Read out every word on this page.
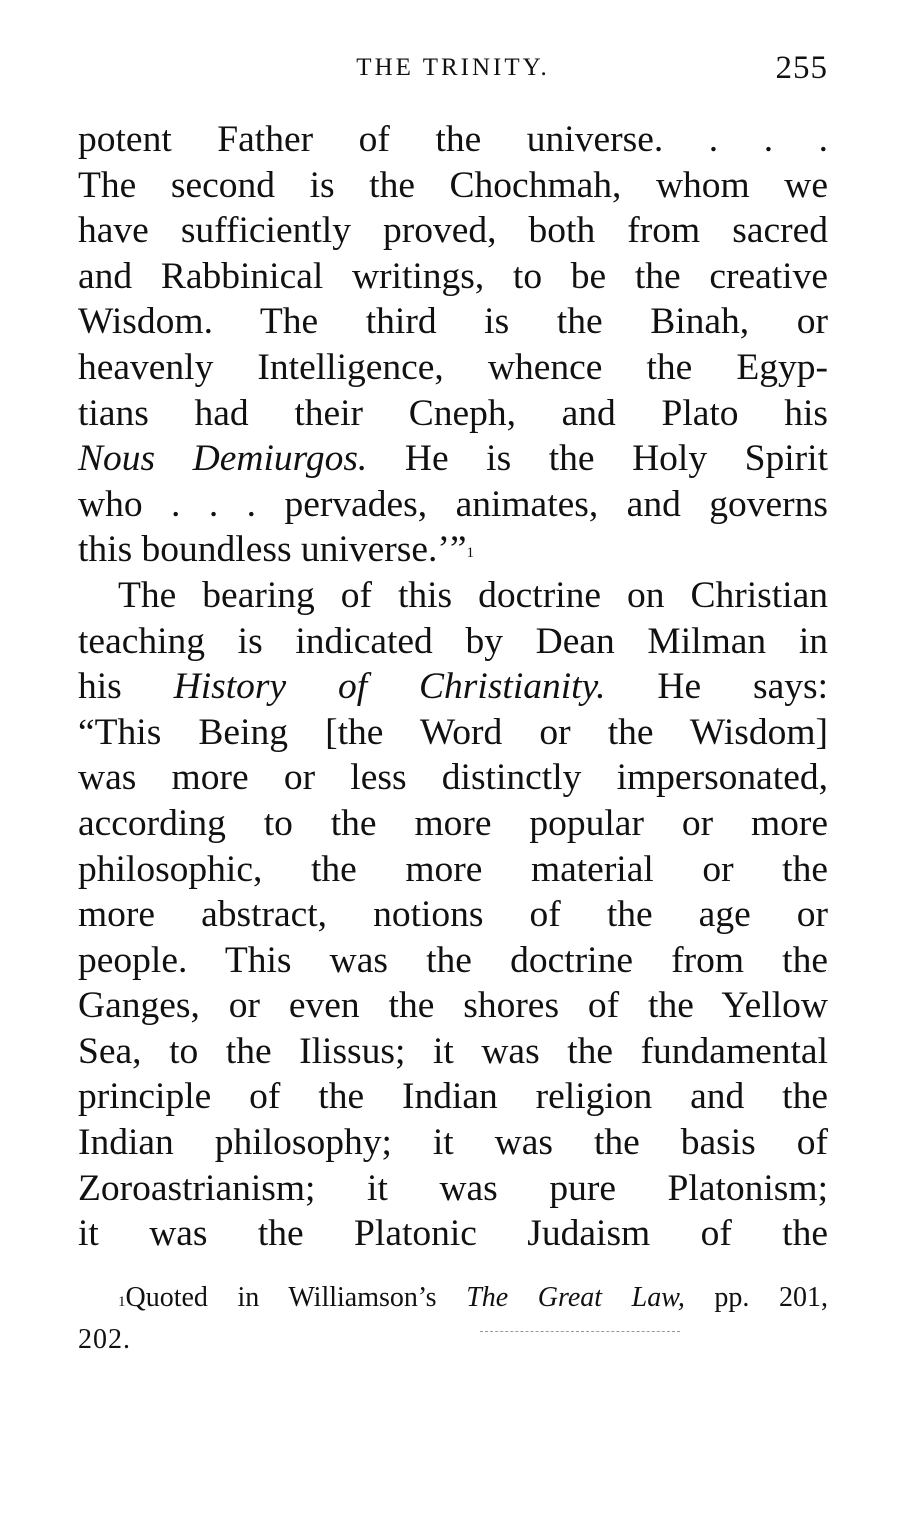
THE TRINITY.	255
potent Father of the universe. . . .
The second is the Chochmah, whom we
have sufficiently proved, both from sacred
and Rabbinical writings, to be the creative
Wisdom. The third is the Binah, or
heavenly Intelligence, whence the Egyp-
tians had their Cneph, and Plato his
Nous Demiurgos. He is the Holy Spirit
who . . . pervades, animates, and governs
this boundless universe.’”$^1$
The bearing of this doctrine on Christian
teaching is indicated by Dean Milman in
his History of Christianity. He says:
“This Being [the Word or the Wisdom]
was more or less distinctly impersonated,
according to the more popular or more
philosophic, the more material or the
more abstract, notions of the age or
people. This was the doctrine from the
Ganges, or even the shores of the Yellow
Sea, to the Ilissus; it was the fundamental
principle of the Indian religion and the
Indian philosophy; it was the basis of
Zoroastrianism; it was pure Platonism;
it was the Platonic Judaism of the
$^1$Quoted in Williamson’s The Great Law, pp. 201,
202.
